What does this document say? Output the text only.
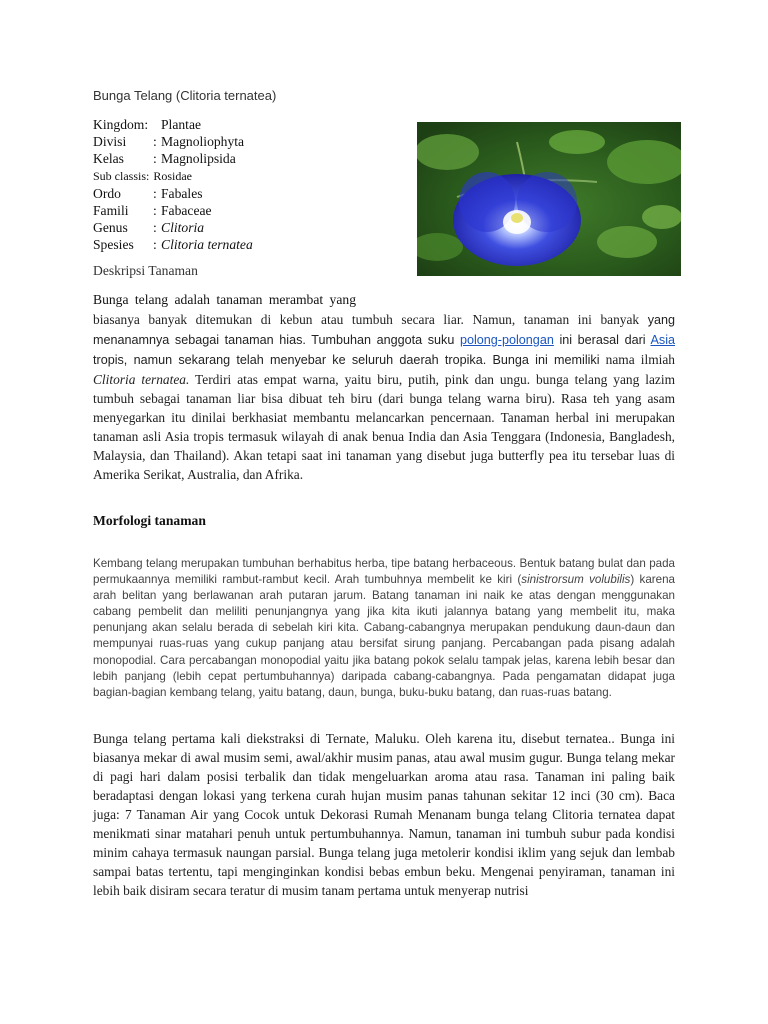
Bunga Telang (Clitoria ternatea)
Kingdom: Plantae
Divisi	: Magnoliophyta
Kelas	: Magnolipsida
Sub classis: Rosidae
Ordo	: Fabales
Famili	: Fabaceae
Genus	: Clitoria
Spesies	: Clitoria ternatea
Deskripsi Tanaman
Bunga telang adalah tanaman merambat yang
biasanya banyak ditemukan di kebun atau tumbuh secara liar. Namun, tanaman ini banyak yang menanamnya sebagai tanaman hias. Tumbuhan anggota suku polong-polongan ini berasal dari Asia tropis, namun sekarang telah menyebar ke seluruh daerah tropika. Bunga ini memiliki nama ilmiah Clitoria ternatea. Terdiri atas empat warna, yaitu biru, putih, pink dan ungu. bunga telang yang lazim tumbuh sebagai tanaman liar bisa dibuat teh biru (dari bunga telang warna biru). Rasa teh yang asam menyegarkan itu dinilai berkhasiat membantu melancarkan pencernaan. Tanaman herbal ini merupakan tanaman asli Asia tropis termasuk wilayah di anak benua India dan Asia Tenggara (Indonesia, Bangladesh, Malaysia, dan Thailand). Akan tetapi saat ini tanaman yang disebut juga butterfly pea itu tersebar luas di Amerika Serikat, Australia, dan Afrika.
Morfologi tanaman
Kembang telang merupakan tumbuhan berhabitus herba, tipe batang herbaceous. Bentuk batang bulat dan pada permukaannya memiliki rambut-rambut kecil. Arah tumbuhnya membelit ke kiri (sinistrorsum volubilis) karena arah belitan yang berlawanan arah putaran jarum. Batang tanaman ini naik ke atas dengan menggunakan cabang pembelit dan meliliti penunjangnya yang jika kita ikuti jalannya batang yang membelit itu, maka penunjang akan selalu berada di sebelah kiri kita. Cabang-cabangnya merupakan pendukung daun-daun dan mempunyai ruas-ruas yang cukup panjang atau bersifat sirung panjang. Percabangan pada pisang adalah monopodial. Cara percabangan monopodial yaitu jika batang pokok selalu tampak jelas, karena lebih besar dan lebih panjang (lebih cepat pertumbuhannya) daripada cabang-cabangnya. Pada pengamatan didapat juga bagian-bagian kembang telang, yaitu batang, daun, bunga, buku-buku batang, dan ruas-ruas batang.
Bunga telang pertama kali diekstraksi di Ternate, Maluku. Oleh karena itu, disebut ternatea.. Bunga ini biasanya mekar di awal musim semi, awal/akhir musim panas, atau awal musim gugur. Bunga telang mekar di pagi hari dalam posisi terbalik dan tidak mengeluarkan aroma atau rasa. Tanaman ini paling baik beradaptasi dengan lokasi yang terkena curah hujan musim panas tahunan sekitar 12 inci (30 cm). Baca juga: 7 Tanaman Air yang Cocok untuk Dekorasi Rumah Menanam bunga telang Clitoria ternatea dapat menikmati sinar matahari penuh untuk pertumbuhannya. Namun, tanaman ini tumbuh subur pada kondisi minim cahaya termasuk naungan parsial. Bunga telang juga metolerir kondisi iklim yang sejuk dan lembab sampai batas tertentu, tapi menginginkan kondisi bebas embun beku. Mengenai penyiraman, tanaman ini lebih baik disiram secara teratur di musim tanam pertama untuk menyerap nutrisi
